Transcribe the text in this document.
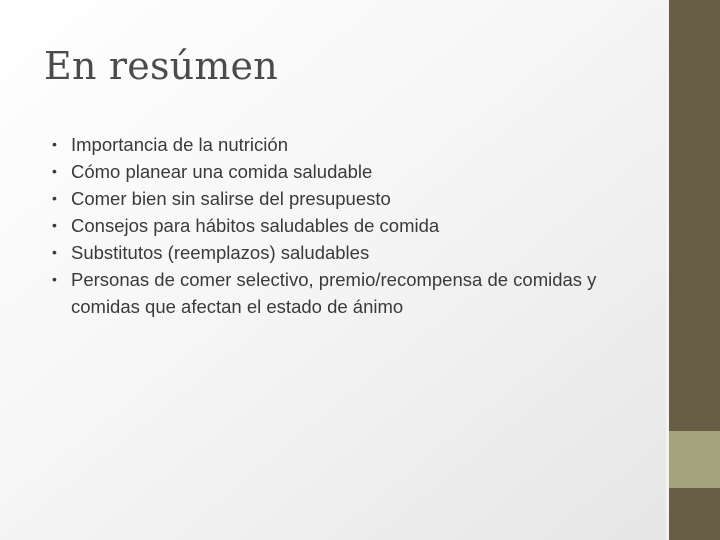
En resúmen
• Importancia de la nutrición
• Cómo planear una comida saludable
• Comer bien sin salirse del presupuesto
• Consejos para hábitos saludables de comida
• Substitutos (reemplazos) saludables
• Personas de comer selectivo, premio/recompensa de comidas y comidas que afectan el estado de ánimo
